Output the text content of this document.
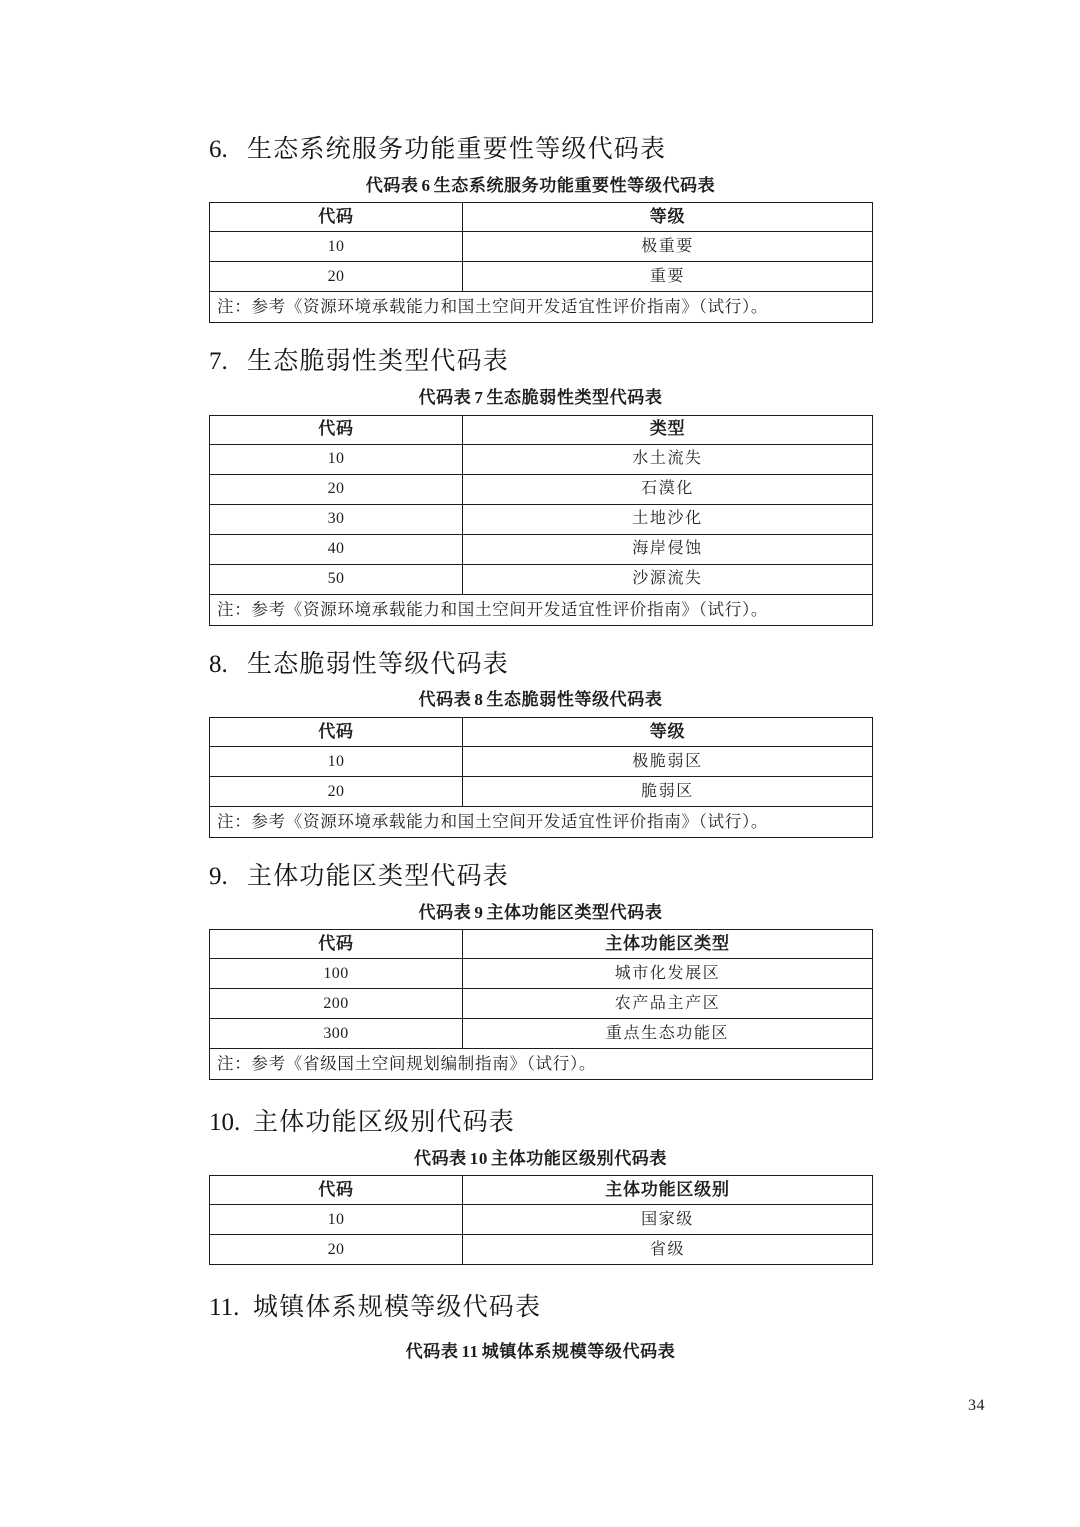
6. 生态系统服务功能重要性等级代码表
代码表 6 生态系统服务功能重要性等级代码表
代码	等级
10	极重要
20	重要
注：参考《资源环境承载能力和国土空间开发适宜性评价指南》（试行）。	
7. 生态脆弱性类型代码表
代码表 7 生态脆弱性类型代码表
代码	类型
10	水土流失
20	石漠化
30	土地沙化
40	海岸侵蚀
50	沙源流失
注：参考《资源环境承载能力和国土空间开发适宜性评价指南》（试行）。	
8. 生态脆弱性等级代码表
代码表 8 生态脆弱性等级代码表
代码	等级
10	极脆弱区
20	脆弱区
注：参考《资源环境承载能力和国土空间开发适宜性评价指南》（试行）。	
9. 主体功能区类型代码表
代码表 9 主体功能区类型代码表
代码	主体功能区类型
100	城市化发展区
200	农产品主产区
300	重点生态功能区
注：参考《省级国土空间规划编制指南》（试行）。	
10. 主体功能区级别代码表
代码表 10 主体功能区级别代码表
代码	主体功能区级别
10	国家级
20	省级
11. 城镇体系规模等级代码表
代码表 11 城镇体系规模等级代码表
34
